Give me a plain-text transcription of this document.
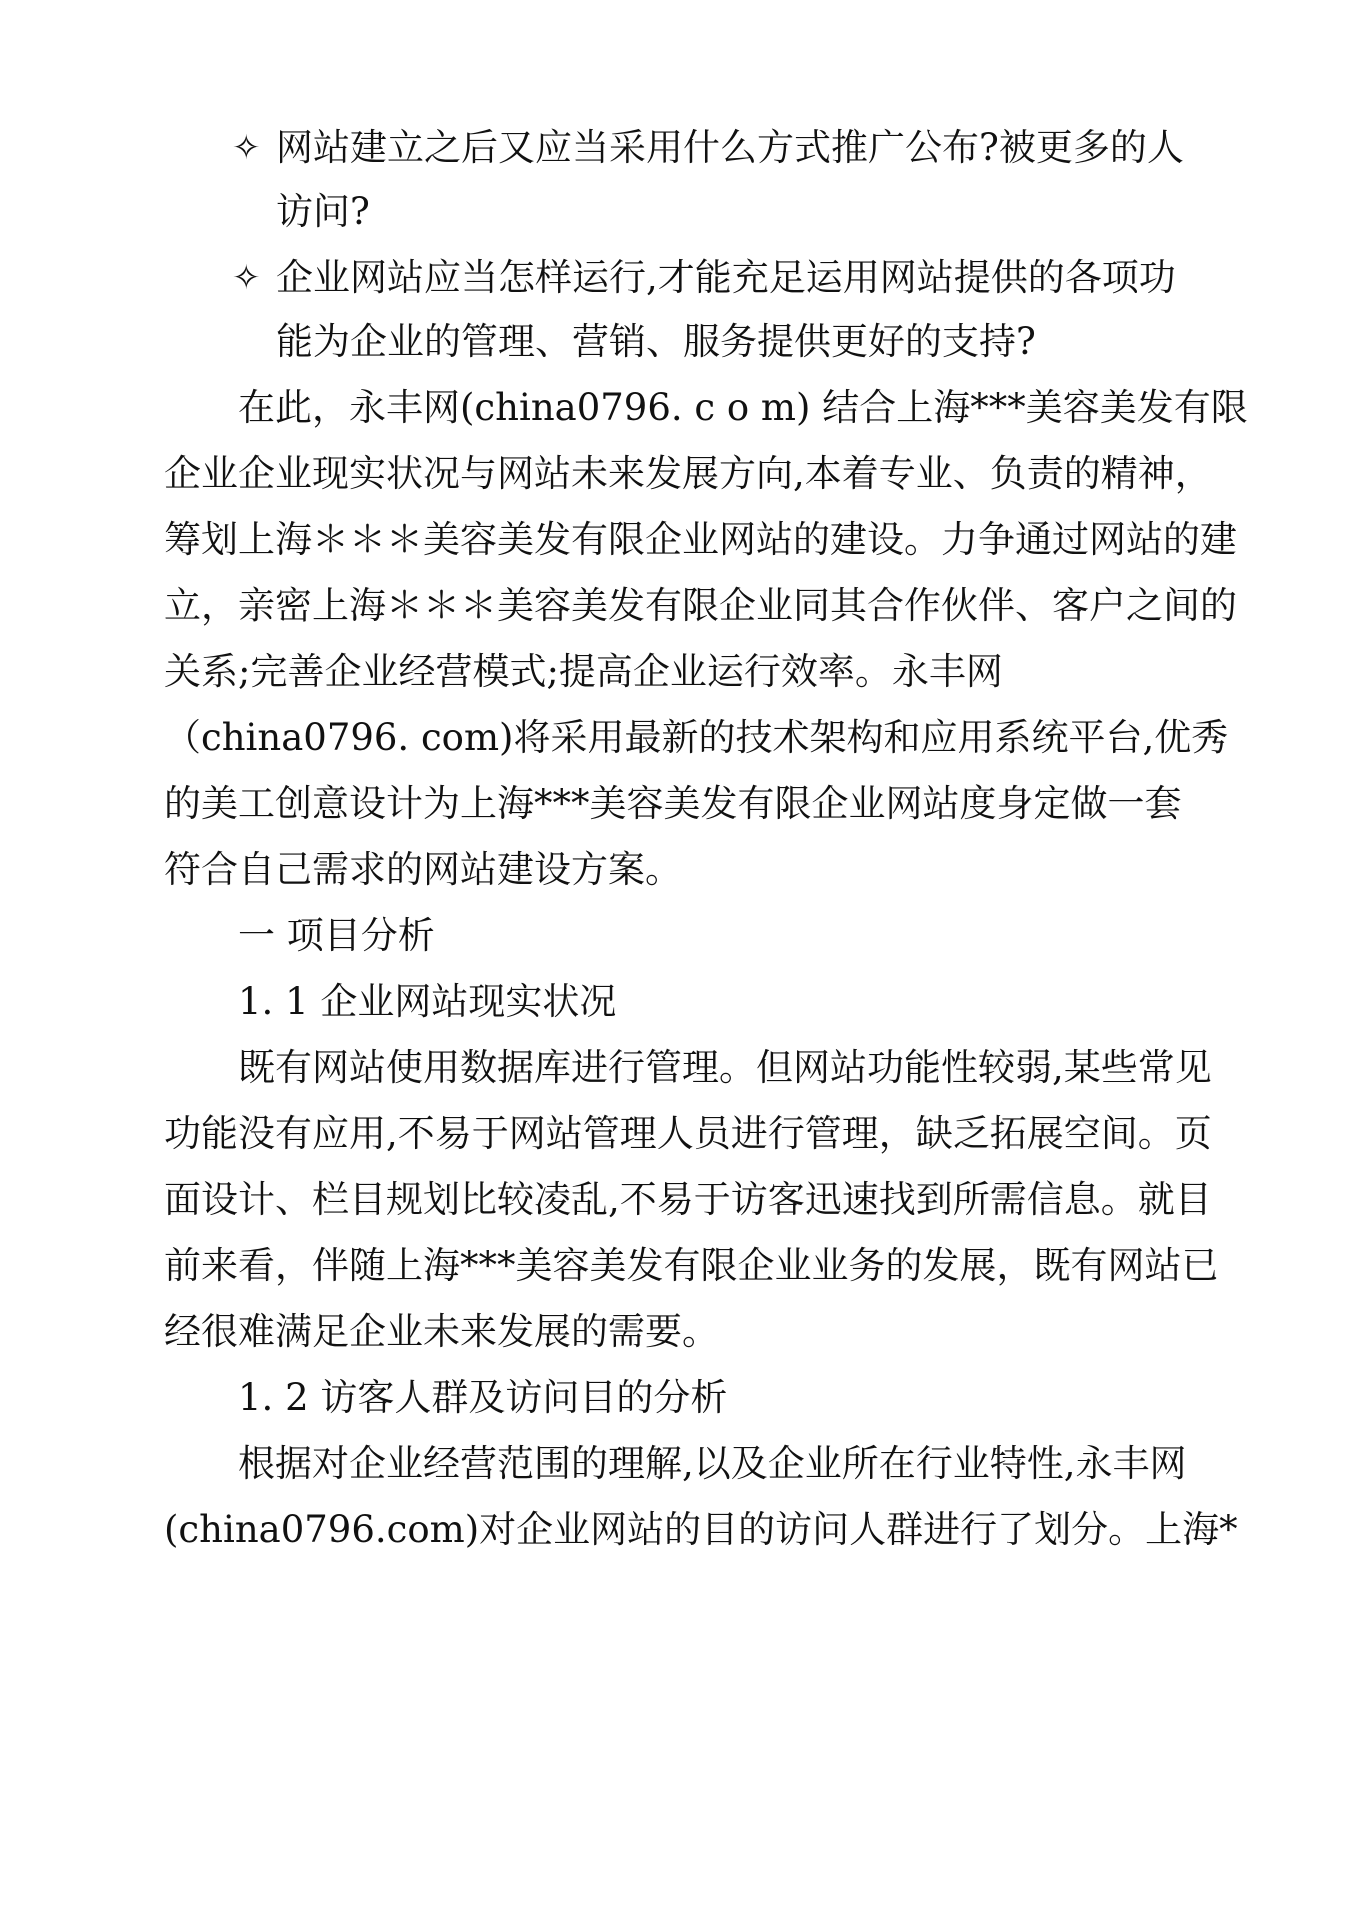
✧ 网站建立之后又应当采用什么方式推广公布?被更多的人
访问?
✧ 企业网站应当怎样运行,才能充足运用网站提供的各项功
能为企业的管理、营销、服务提供更好的支持?
在此，永丰网(china0796. c o m) 结合上海***美容美发有限
企业企业现实状况与网站未来发展方向,本着专业、负责的精神，
筹划上海＊＊＊美容美发有限企业网站的建设。力争通过网站的建
立，亲密上海＊＊＊美容美发有限企业同其合作伙伴、客户之间的
关系;完善企业经营模式;提高企业运行效率。永丰网
（china0796. com)将采用最新的技术架构和应用系统平台,优秀
的美工创意设计为上海***美容美发有限企业网站度身定做一套
符合自己需求的网站建设方案。
一 项目分析
1. 1 企业网站现实状况
既有网站使用数据库进行管理。但网站功能性较弱,某些常见
功能没有应用,不易于网站管理人员进行管理，缺乏拓展空间。页
面设计、栏目规划比较凌乱,不易于访客迅速找到所需信息。就目
前来看，伴随上海***美容美发有限企业业务的发展，既有网站已
经很难满足企业未来发展的需要。
1. 2 访客人群及访问目的分析
根据对企业经营范围的理解,以及企业所在行业特性,永丰网
(china0796.com)对企业网站的目的访问人群进行了划分。上海*
